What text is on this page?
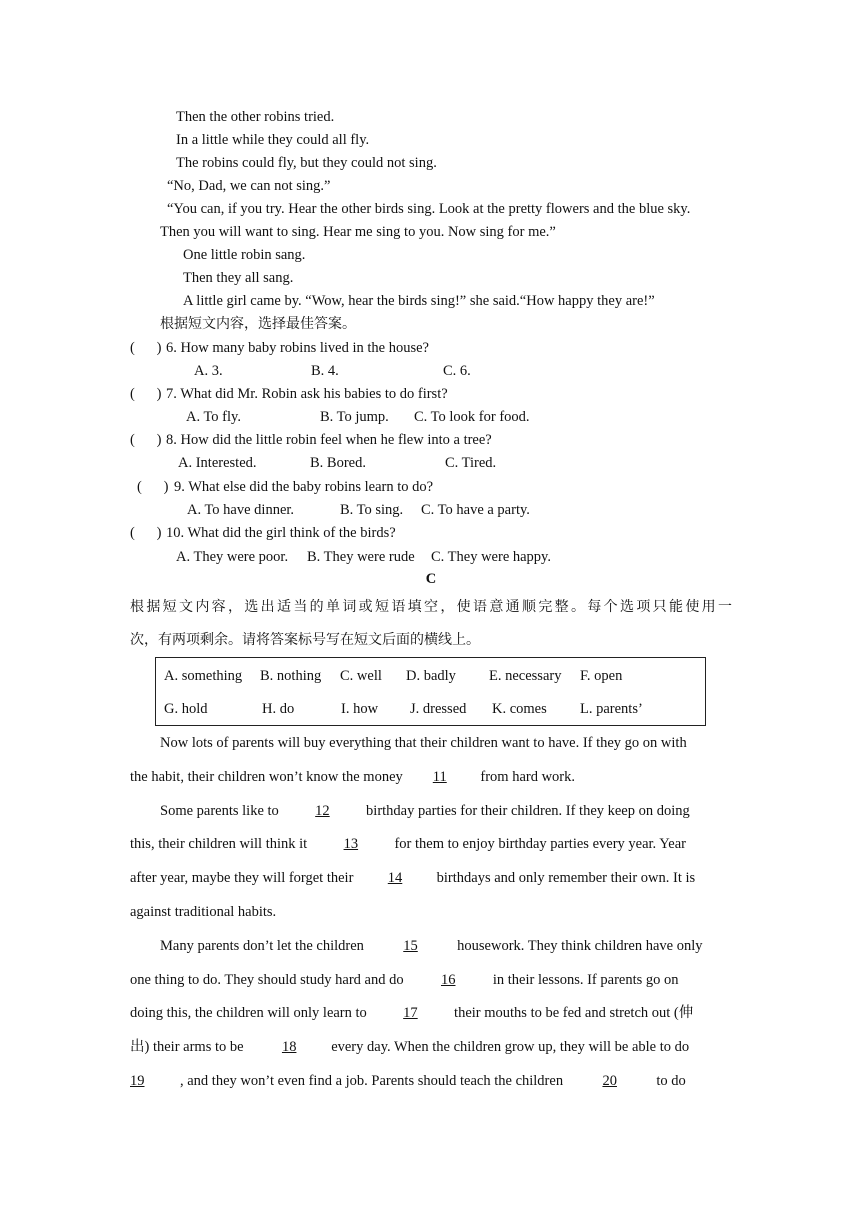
Then the other robins tried.
In a little while they could all fly.
The robins could fly, but they could not sing.
“No, Dad, we can not sing.”
“You can, if you try. Hear the other birds sing. Look at the pretty flowers and the blue sky.
Then you will want to sing. Hear me sing to you. Now sing for me.”
One little robin sang.
Then they all sang.
A little girl came by. “Wow, hear the birds sing!” she said.“How happy they are!”
根据短文内容，选择最佳答案。
(      ) 6. How many baby robins lived in the house?
A. 3.	B. 4.	C. 6.
(      ) 7. What did Mr. Robin ask his babies to do first?
A. To fly.	B. To jump. C. To look for food.
(      ) 8. How did the little robin feel when he flew into a tree?
A. Interested.	B. Bored.	C. Tired.
(      ) 9. What else did the baby robins learn to do?
A. To have dinner.	B. To sing. C. To have a party.
(      ) 10. What did the girl think of the birds?
A. They were poor. B. They were rude C. They were happy.
C
根据短文内容，选出适当的单词或短语填空，使语意通顺完整。每个选项只能使用一
次，有两项剩余。请将答案标号写在短文后面的横线上。
A. something B. nothing C. well D. badly E. necessary F. open
G. hold	H. do	I. how J. dressed K. comes L. parents’
Now lots of parents will buy everything that their children want to have. If they go on with
the habit, their children won’t know the money 11 from hard work.
Some parents like to	12	birthday parties for their children. If they keep on doing
this, their children will think it	13	for them to enjoy birthday parties every year. Year
after year, maybe they will forget their 14 birthdays and only remember their own. It is
against traditional habits.
Many parents don’t let the children	15	housework. They think children have only
one thing to do. They should study hard and do	16	in their lessons. If parents go on
doing this, the children will only learn to	17	their mouths to be fed and stretch out (伸
出) their arms to be	18 every day. When the children grow up, they will be able to do
19 , and they won’t even find a job. Parents should teach the children	20	to do
